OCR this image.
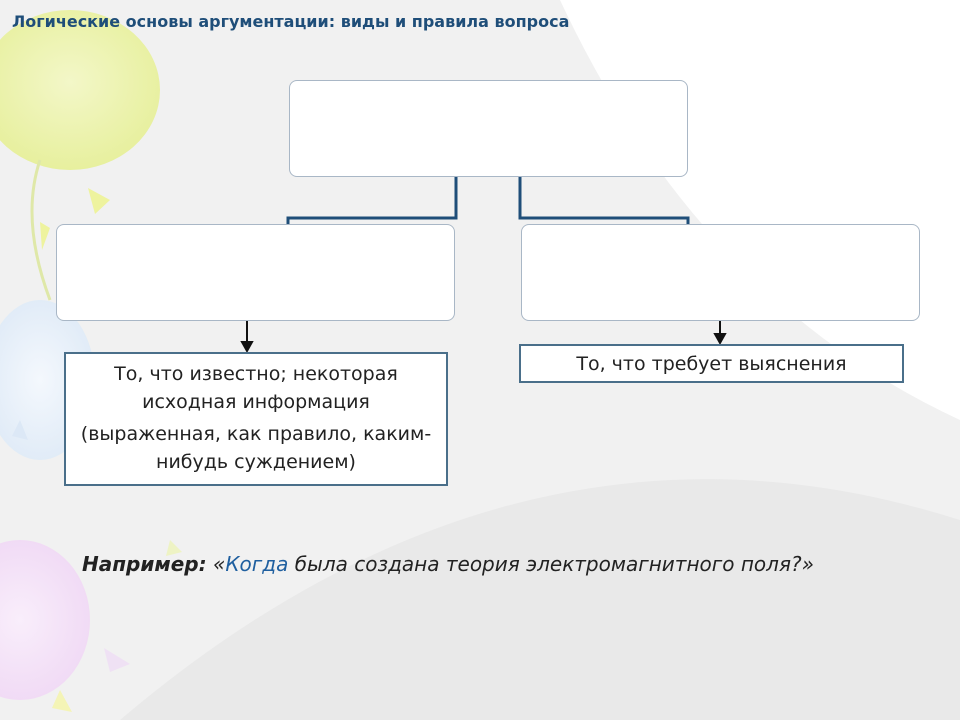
Логические основы аргументации: виды и правила вопроса

То, что известно; некоторая исходная информация

(выраженная, как правило, каким-нибудь суждением)

То, что требует выяснения
Например: «Когда была создана теория электромагнитного поля?»
